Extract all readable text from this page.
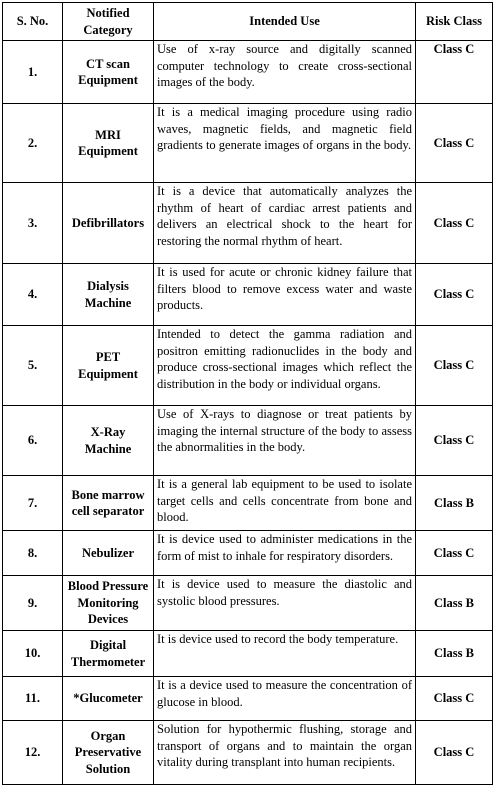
S. No.	Notified Category	Intended Use	Risk Class
1.	CT scan Equipment	Use of x-ray source and digitally scanned computer technology to create cross-sectional images of the body.	Class C
2.	MRI Equipment	It is a medical imaging procedure using radio waves, magnetic fields, and magnetic field gradients to generate images of organs in the body.	Class C
3.	Defibrillators	It is a device that automatically analyzes the rhythm of heart of cardiac arrest patients and delivers an electrical shock to the heart for restoring the normal rhythm of heart.	Class C
4.	Dialysis Machine	It is used for acute or chronic kidney failure that filters blood to remove excess water and waste products.	Class C
5.	PET Equipment	Intended to detect the gamma radiation and positron emitting radionuclides in the body and produce cross-sectional images which reflect the distribution in the body or individual organs.	Class C
6.	X-Ray Machine	Use of X-rays to diagnose or treat patients by imaging the internal structure of the body to assess the abnormalities in the body.	Class C
7.	Bone marrow cell separator	It is a general lab equipment to be used to isolate target cells and cells concentrate from bone and blood.	Class B
8.	Nebulizer	It is device used to administer medications in the form of mist to inhale for respiratory disorders.	Class C
9.	Blood Pressure Monitoring Devices	It is device used to measure the diastolic and systolic blood pressures.	Class B
10.	Digital Thermometer	It is device used to record the body temperature.	Class B
11.	*Glucometer	It is a device used to measure the concentration of glucose in blood.	Class C
12.	Organ Preservative Solution	Solution for hypothermic flushing, storage and transport of organs and to maintain the organ vitality during transplant into human recipients.	Class C
